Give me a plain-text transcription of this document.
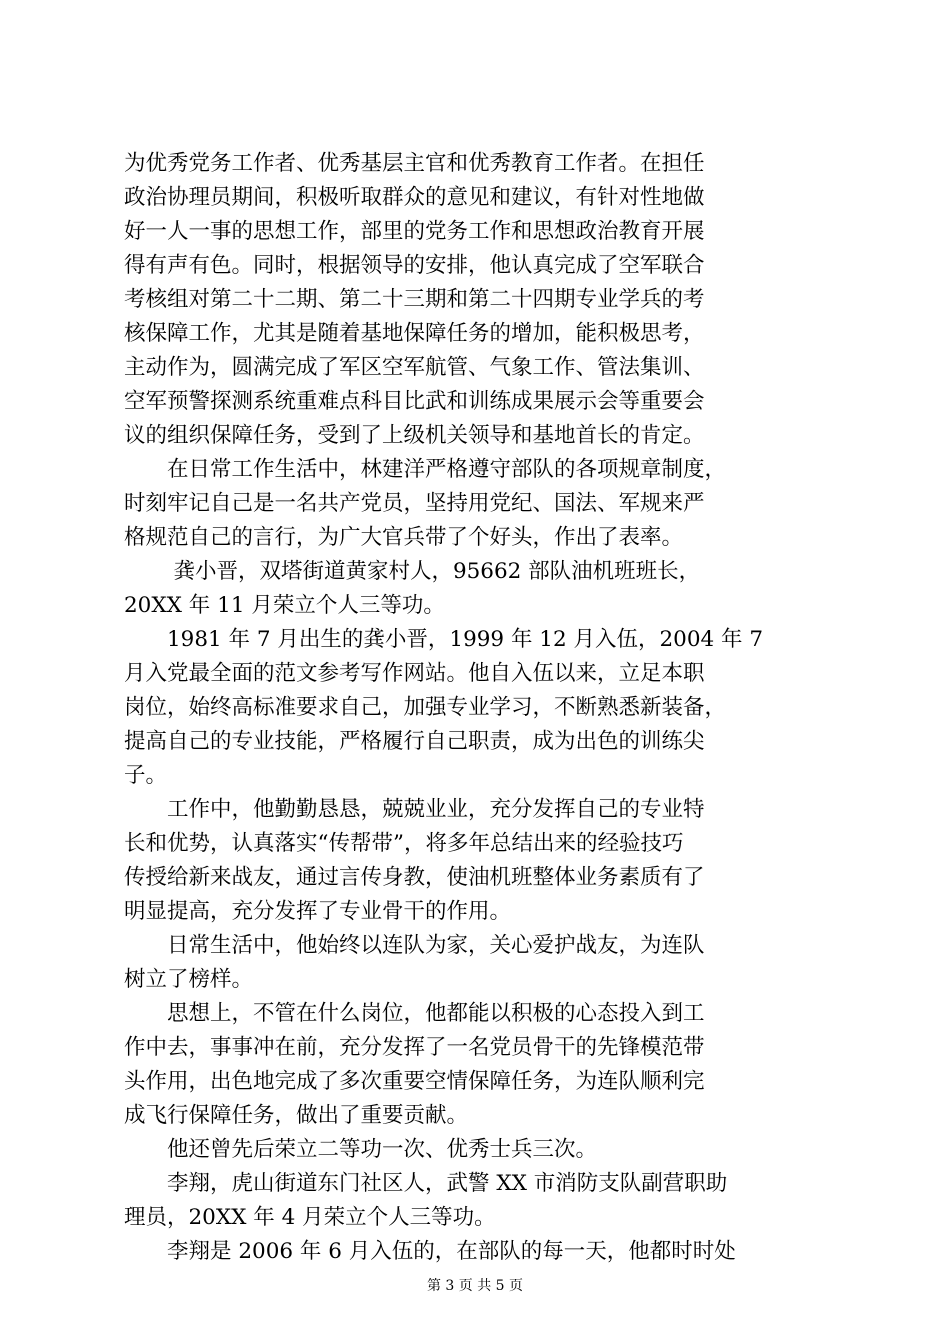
为优秀党务工作者、优秀基层主官和优秀教育工作者。在担任
政治协理员期间，积极听取群众的意见和建议，有针对性地做
好一人一事的思想工作，部里的党务工作和思想政治教育开展
得有声有色。同时，根据领导的安排，他认真完成了空军联合
考核组对第二十二期、第二十三期和第二十四期专业学兵的考
核保障工作，尤其是随着基地保障任务的增加，能积极思考，
主动作为，圆满完成了军区空军航管、气象工作、管法集训、
空军预警探测系统重难点科目比武和训练成果展示会等重要会
议的组织保障任务，受到了上级机关领导和基地首长的肯定。
在日常工作生活中，林建洋严格遵守部队的各项规章制度，
时刻牢记自己是一名共产党员，坚持用党纪、国法、军规来严
格规范自己的言行，为广大官兵带了个好头，作出了表率。
龚小晋，双塔街道黄家村人，95662 部队油机班班长，
20XX 年 11 月荣立个人三等功。
1981 年 7 月出生的龚小晋，1999 年 12 月入伍，2004 年 7
月入党最全面的范文参考写作网站。他自入伍以来，立足本职
岗位，始终高标准要求自己，加强专业学习，不断熟悉新装备，
提高自己的专业技能，严格履行自己职责，成为出色的训练尖
子。
工作中，他勤勤恳恳，兢兢业业，充分发挥自己的专业特
长和优势，认真落实“传帮带”，将多年总结出来的经验技巧
传授给新来战友，通过言传身教，使油机班整体业务素质有了
明显提高，充分发挥了专业骨干的作用。
日常生活中，他始终以连队为家，关心爱护战友，为连队
树立了榜样。
思想上，不管在什么岗位，他都能以积极的心态投入到工
作中去，事事冲在前，充分发挥了一名党员骨干的先锋模范带
头作用，出色地完成了多次重要空情保障任务，为连队顺利完
成飞行保障任务，做出了重要贡献。
他还曾先后荣立二等功一次、优秀士兵三次。
李翔，虎山街道东门社区人，武警 XX 市消防支队副营职助
理员，20XX 年 4 月荣立个人三等功。
李翔是 2006 年 6 月入伍的，在部队的每一天，他都时时处
第 3 页 共 5 页
